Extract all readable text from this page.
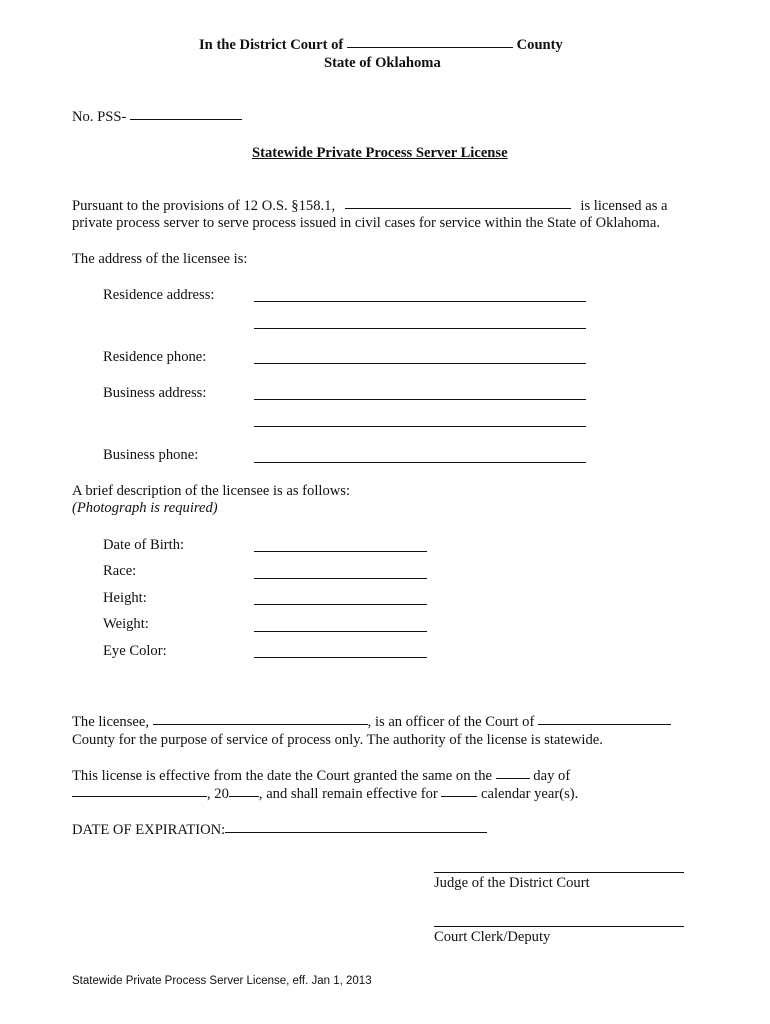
In the District Court of	County
State of Oklahoma
No. PSS-
Statewide Private Process Server License
Pursuant to the provisions of 12 O.S. §158.1,	is licensed as a
private process server to serve process issued in civil cases for service within the State of Oklahoma.
The address of the licensee is:
Residence address:
Residence phone:
Business address:
Business phone:
A brief description of the licensee is as follows:
(Photograph is required)
Date of Birth:
Race:
Height:
Weight:
Eye Color:
The licensee,	, is an officer of the Court of
County for the purpose of service of process only. The authority of the license is statewide.
This license is effective from the date the Court granted the same on the	day of
, 20 , and shall remain effective for	calendar year(s).
DATE OF EXPIRATION:
Judge of the District Court
Court Clerk/Deputy
Statewide Private Process Server License, eff. Jan 1, 2013
